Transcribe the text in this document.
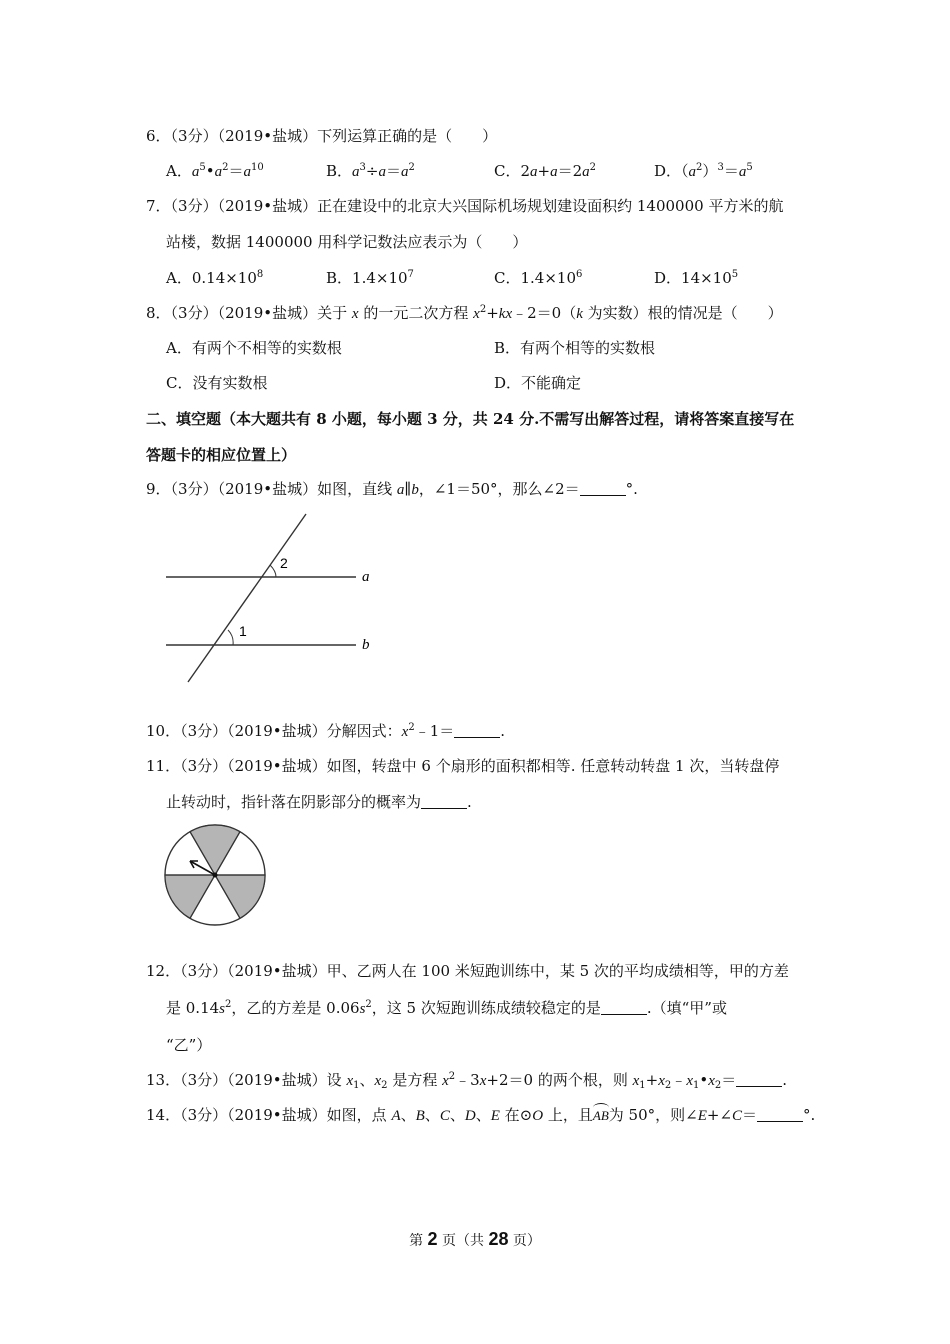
6．（3分）（2019•盐城）下列运算正确的是（　　）
A．$a^5•a^2=a^{10}$	B．$a^3\div a=a^2$	C．$2a+a=2a^2$	D．$(a^2)^3=a^5$
7．（3分）（2019•盐城）正在建设中的北京大兴国际机场规划建设面积约 1400000 平方米的航
站楼，数据 1400000 用科学记数法应表示为（　　）
A．$0.14\times 10^8$	B．$1.4\times 10^7$	C．$1.4\times 10^6$	D．$14\times 10^5$
8．（3分）（2019•盐城）关于 x 的一元二次方程 $x^2+kx﹣2=0(k$ 为实数）根的情况是（　　）
A．有两个不相等的实数根	B．有两个相等的实数根
C．没有实数根	D．不能确定
二、填空题（本大题共有 8 小题，每小题 3 分，共 24 分.不需写出解答过程，请将答案直接写在
答题卡的相应位置上）
9．（3分）（2019•盐城）如图，直线 a∥b，∠1＝50°，那么∠2＝	°.
2
1
a
b
10．（3分）（2019•盐城）分解因式：$x^2﹣1=$	.
11．（3分）（2019•盐城）如图，转盘中 6 个扇形的面积都相等. 任意转动转盘 1 次，当转盘停
止转动时，指针落在阴影部分的概率为	.
12．（3分）（2019•盐城）甲、乙两人在 100 米短跑训练中，某 5 次的平均成绩相等，甲的方差
是 $0.14s^2$，乙的方差是 $0.06s^2$，这 5 次短跑训练成绩较稳定的是	.（填“甲”或
“乙”）
13．（3分）（2019•盐城）设 $x_1$、$x_2$ 是方程 $x^2﹣3x+2=0$ 的两个根，则 $x_1+x_2﹣x_1•x_2=$	.
14．（3分）（2019•盐城）如图，点 A、B、C、D、E 在⊙O 上，且
AB为 50°，则∠E+∠C＝	°.
第 2 页（共 28 页）
